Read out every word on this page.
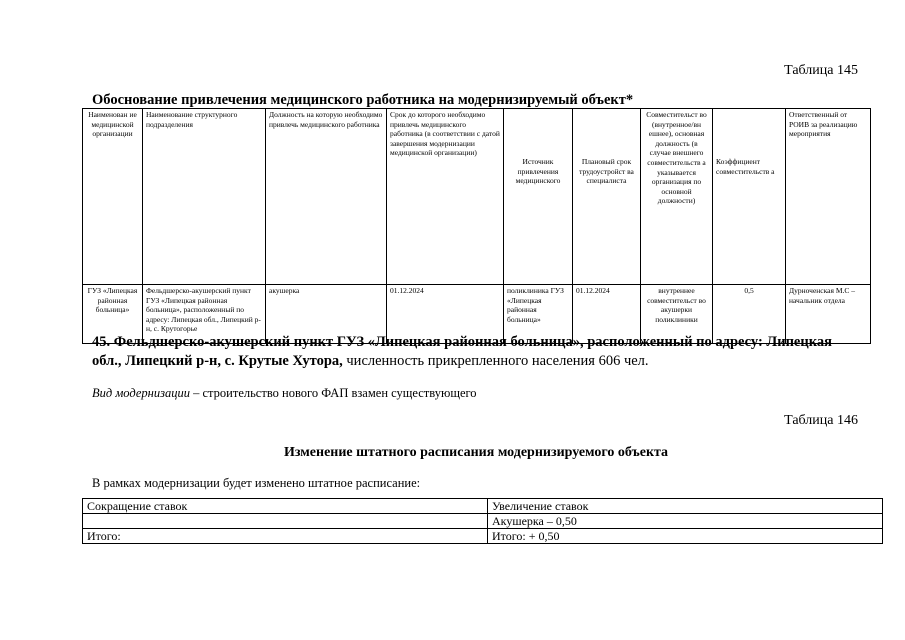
Таблица 145
Обоснование привлечения медицинского работника на модернизируемый объект*
Наименован ие медицинской организации	Наименование структурного подразделения	Должность на которую необходимо привлечь медицинского работника	Срок до которого необходимо привлечь медицинского работника (в соответствии с датой завершения модернизации медицинской организации)	Источник привлечения медицинского	Плановый срок трудоустройст ва специалиста	Совместительст во (внутренное/вн ешнее), основная должность (в случае внешнего совместительств а указывается организация по основной должности)	Коэффициент совместительств а	Ответственный от РОИВ за реализацию мероприятия
ГУЗ «Липецкая районная больница»	Фельдшерско-акушерский пункт ГУЗ «Липецкая районная больница», расположенный по адресу: Липецкая обл., Липецкий р-н, с. Крутогорье	акушерка	01.12.2024	поликлиника ГУЗ «Липецкая районная больница»	01.12.2024	внутреннее совместительст во акушерки поликлиники	0,5	Дурноченская М.С – начальник отдела
45. Фельдшерско-акушерский пункт ГУЗ «Липецкая районная больница», расположенный по адресу: Липецкая обл., Липецкий р-н, с. Крутые Хутора, численность прикрепленного населения 606 чел.
Вид модернизации – строительство нового ФАП взамен существующего
Таблица 146
Изменение штатного расписания модернизируемого объекта
В рамках модернизации будет изменено штатное расписание:
Сокращение ставок	Увеличение ставок
	Акушерка – 0,50
Итого:	Итого: + 0,50
